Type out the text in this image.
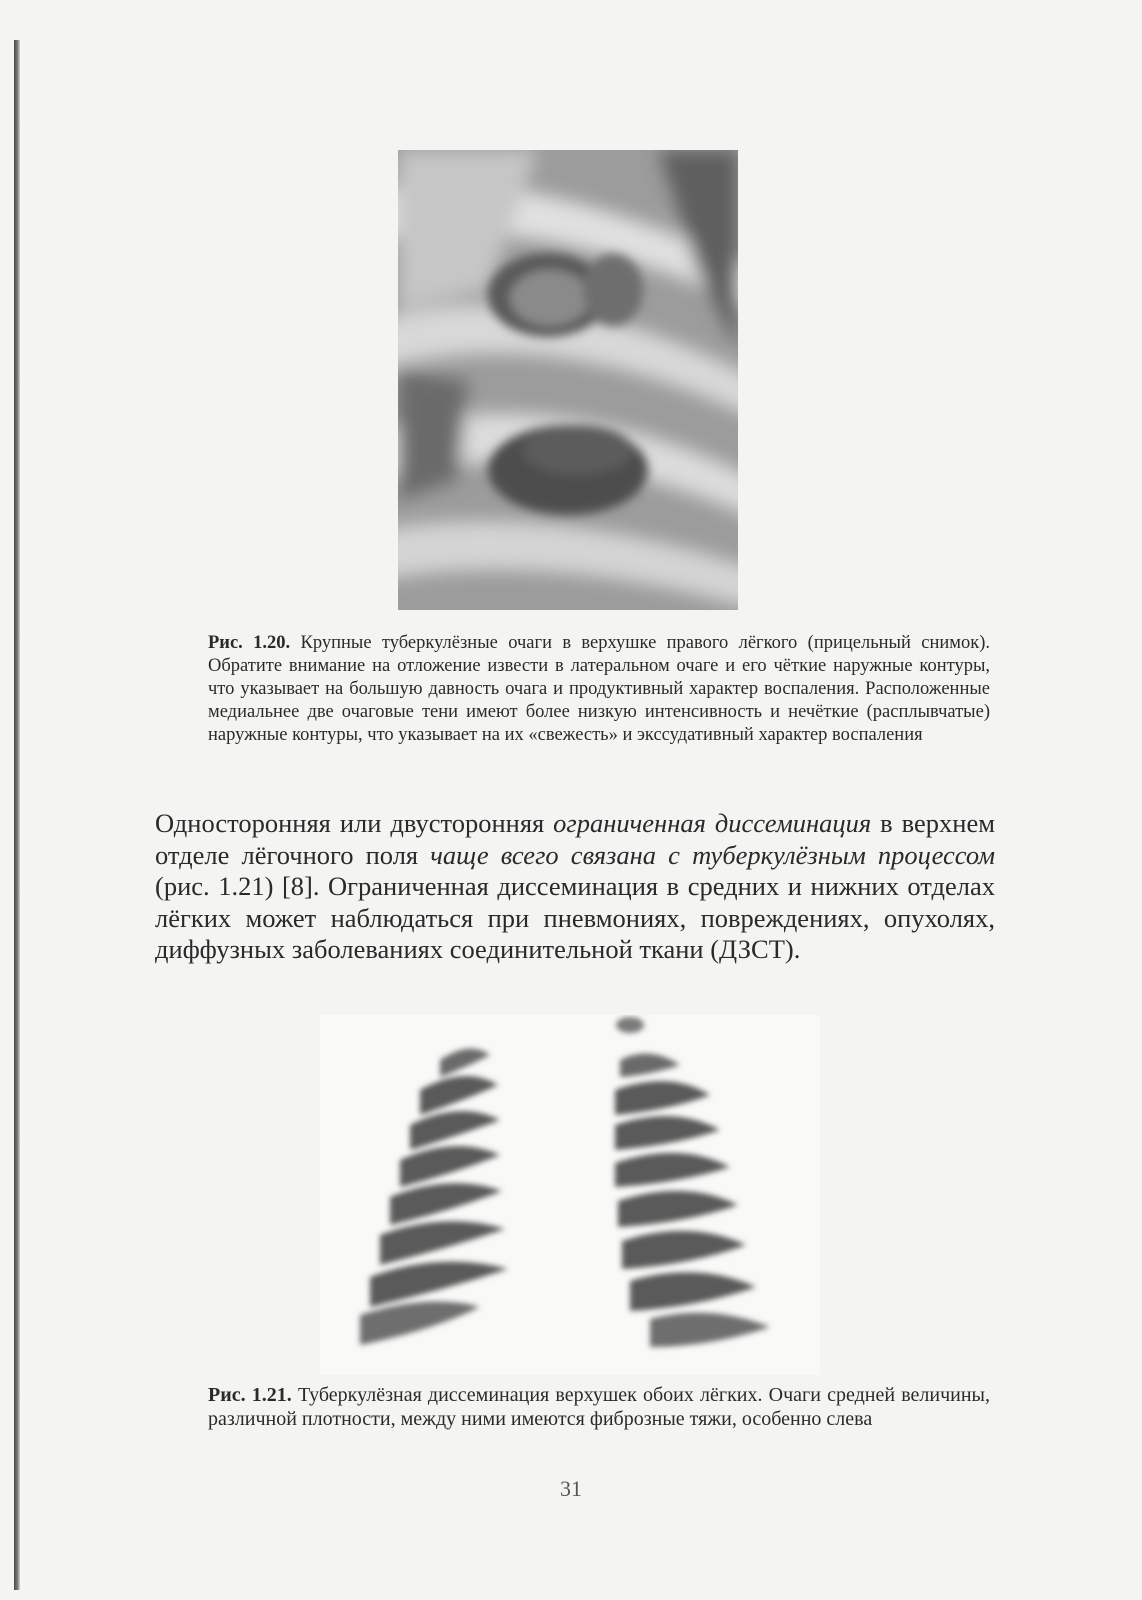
Рис. 1.20. Крупные туберкулёзные очаги в верхушке правого лёгкого (прицельный снимок). Обратите внимание на отложение извести в латеральном очаге и его чёткие наружные контуры, что указывает на большую давность очага и продуктивный характер воспаления. Расположенные медиальнее две очаговые тени имеют более низкую интенсивность и нечёткие (расплывчатые) наружные контуры, что указывает на их «свежесть» и экссудативный характер воспаления
Односторонняя или двусторонняя ограниченная диссеминация в верхнем отделе лёгочного поля чаще всего связана с туберкулёзным процессом (рис. 1.21) [8]. Ограниченная диссеминация в средних и нижних отделах лёгких может наблюдаться при пневмониях, повреждениях, опухолях, диффузных заболеваниях соединительной ткани (ДЗСТ).
Рис. 1.21. Туберкулёзная диссеминация верхушек обоих лёгких. Очаги средней величины, различной плотности, между ними имеются фиброзные тяжи, особенно слева
31
